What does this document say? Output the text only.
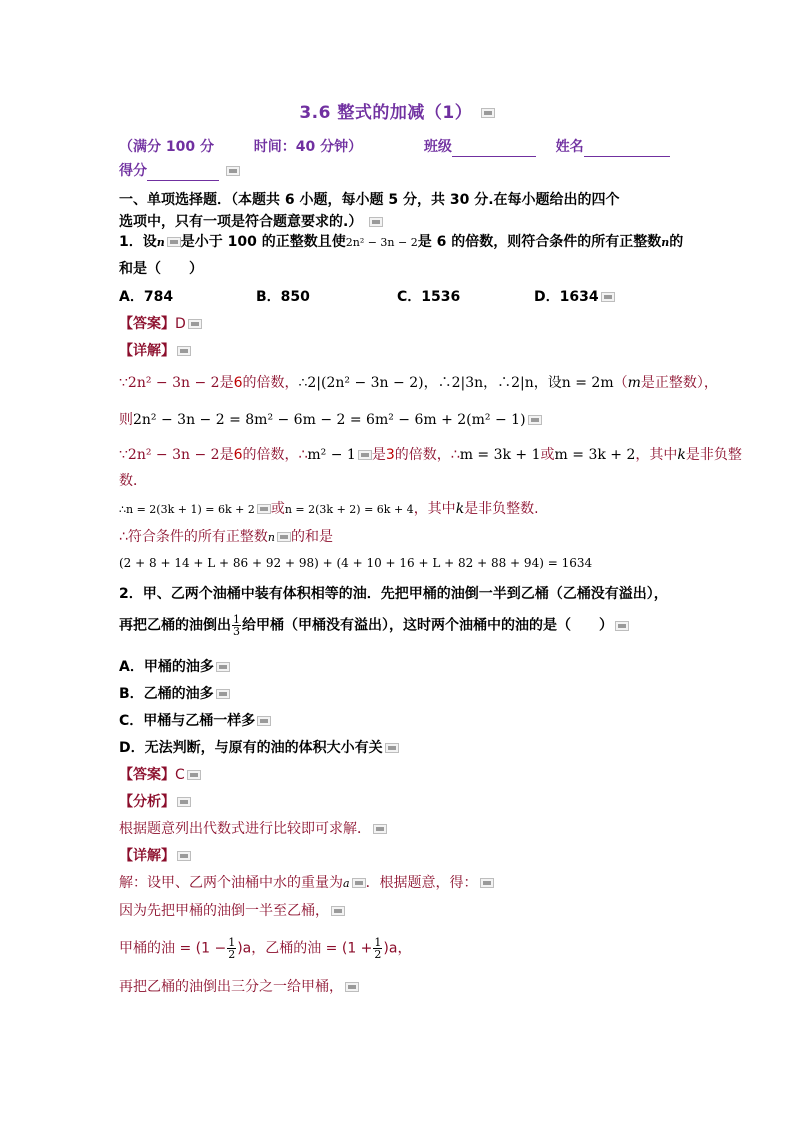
3.6 整式的加减（1）
（满分 100 分	时间：40 分钟）	班级	姓名
得分
一、单项选择题．（本题共 6 小题，每小题 5 分，共 30 分.在每小题给出的四个
选项中，只有一项是符合题意要求的.）
1．设n 是小于 100 的正整数且使2n² − 3n − 2是 6 的倍数，则符合条件的所有正整数n的
和是（　　）
A．784	B．850	C．1536	D．1634
【答案】D
【详解】
∵2n² − 3n − 2是6的倍数，∴2|(2n² − 3n − 2)，∴2|3n，∴2|n，设n = 2m（m是正整数），
则2n² − 3n − 2 = 8m² − 6m − 2 = 6m² − 6m + 2(m² − 1)
∵2n² − 3n − 2是6的倍数，∴m² − 1 是3的倍数，∴m = 3k + 1或m = 3k + 2，其中k是非负整
数．
∴n = 2(3k + 1) = 6k + 2 或n = 2(3k + 2) = 6k + 4，其中k是非负整数.
∴符合条件的所有正整数n 的和是
(2 + 8 + 14 + L + 86 + 92 + 98) + (4 + 10 + 16 + L + 82 + 88 + 94) = 1634
2．甲、乙两个油桶中装有体积相等的油．先把甲桶的油倒一半到乙桶（乙桶没有溢出），
再把乙桶的油倒出 $\frac{1}{3}$ 给甲桶（甲桶没有溢出），这时两个油桶中的油的是（　　）
A．甲桶的油多
B．乙桶的油多
C．甲桶与乙桶一样多
D．无法判断，与原有的油的体积大小有关
【答案】C
【分析】
根据题意列出代数式进行比较即可求解．
【详解】
解：设甲、乙两个油桶中水的重量为a ．根据题意，得：
因为先把甲桶的油倒一半至乙桶，
甲桶的油 = $(1 - \frac{1}{2} )a$，乙桶的油 = $(1 + \frac{1}{2} )a$，
再把乙桶的油倒出三分之一给甲桶，
